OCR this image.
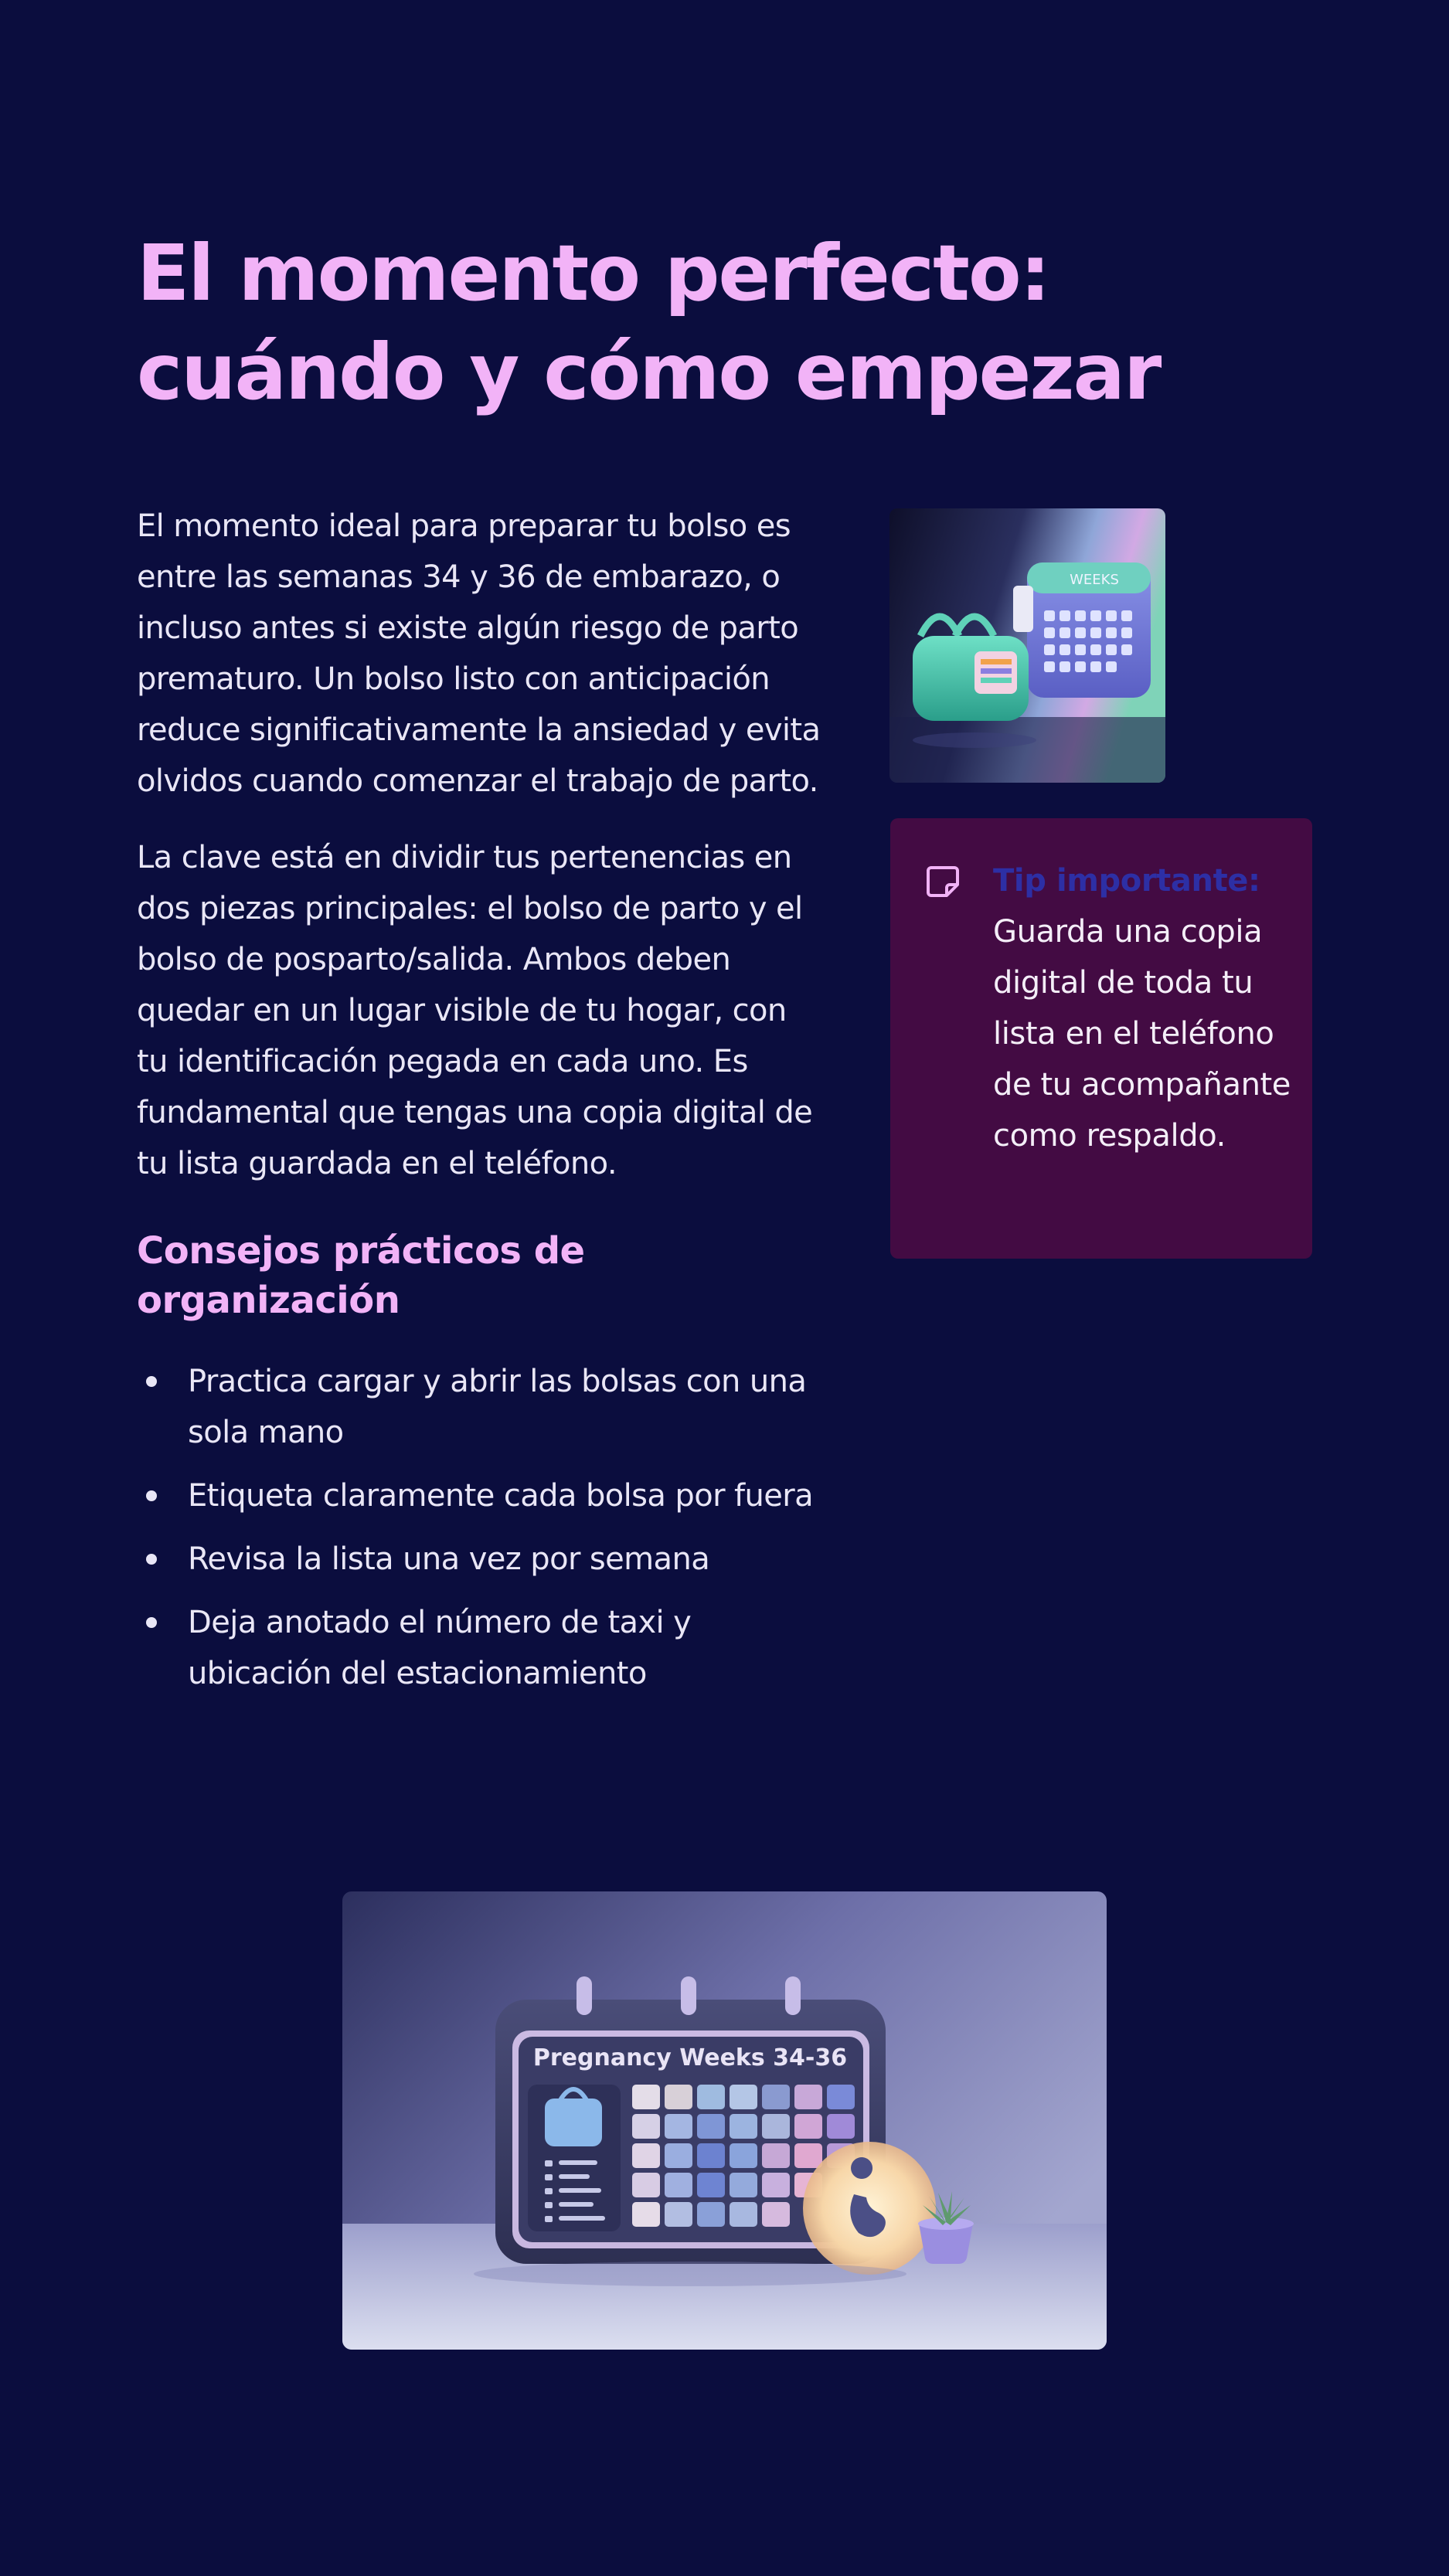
El momento perfecto: cuándo y cómo empezar

El momento ideal para preparar tu bolso es entre las semanas 34 y 36 de embarazo, o incluso antes si existe algún riesgo de parto prematuro. Un bolso listo con anticipación reduce significativamente la ansiedad y evita olvidos cuando comenzar el trabajo de parto.

La clave está en dividir tus pertenencias en dos piezas principales: el bolso de parto y el bolso de posparto/salida. Ambos deben quedar en un lugar visible de tu hogar, con tu identificación pegada en cada uno. Es fundamental que tengas una copia digital de tu lista guardada en el teléfono.

Consejos prácticos de organización
Practica cargar y abrir las bolsas con una sola mano
Etiqueta claramente cada bolsa por fuera
Revisa la lista una vez por semana
Deja anotado el número de taxi y ubicación del estacionamiento
WEEKS
Tip importante:
Guarda una copia digital de toda tu lista en el teléfono de tu acompañante como respaldo.
Pregnancy Weeks 34-36
